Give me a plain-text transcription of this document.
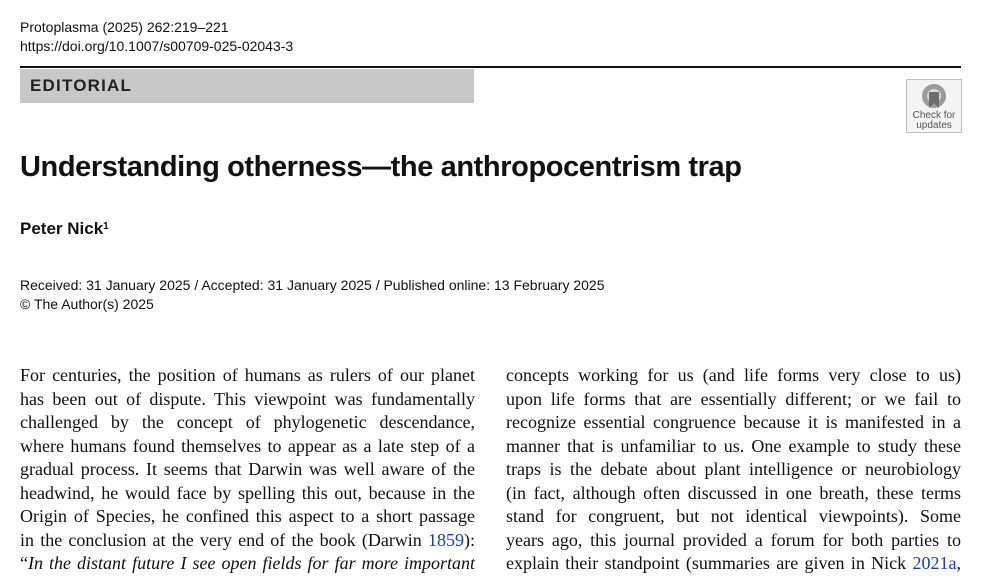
Protoplasma (2025) 262:219–221
https://doi.org/10.1007/s00709-025-02043-3
EDITORIAL
Check for
updates
Understanding otherness—the anthropocentrism trap
Peter Nick$^1$
Received: 31 January 2025 / Accepted: 31 January 2025 / Published online: 13 February 2025
© The Author(s) 2025
For centuries, the position of humans as rulers of our planet
has been out of dispute. This viewpoint was fundamentally
challenged by the concept of phylogenetic descendance,
where humans found themselves to appear as a late step of a
gradual process. It seems that Darwin was well aware of the
headwind, he would face by spelling this out, because in the
Origin of Species, he confined this aspect to a short passage
in the conclusion at the very end of the book (Darwin 1859):
“In the distant future I see open fields for far more important
concepts working for us (and life forms very close to us)
upon life forms that are essentially different; or we fail to
recognize essential congruence because it is manifested in a
manner that is unfamiliar to us. One example to study these
traps is the debate about plant intelligence or neurobiology
(in fact, although often discussed in one breath, these terms
stand for congruent, but not identical viewpoints). Some
years ago, this journal provided a forum for both parties to
explain their standpoint (summaries are given in Nick 2021a,
